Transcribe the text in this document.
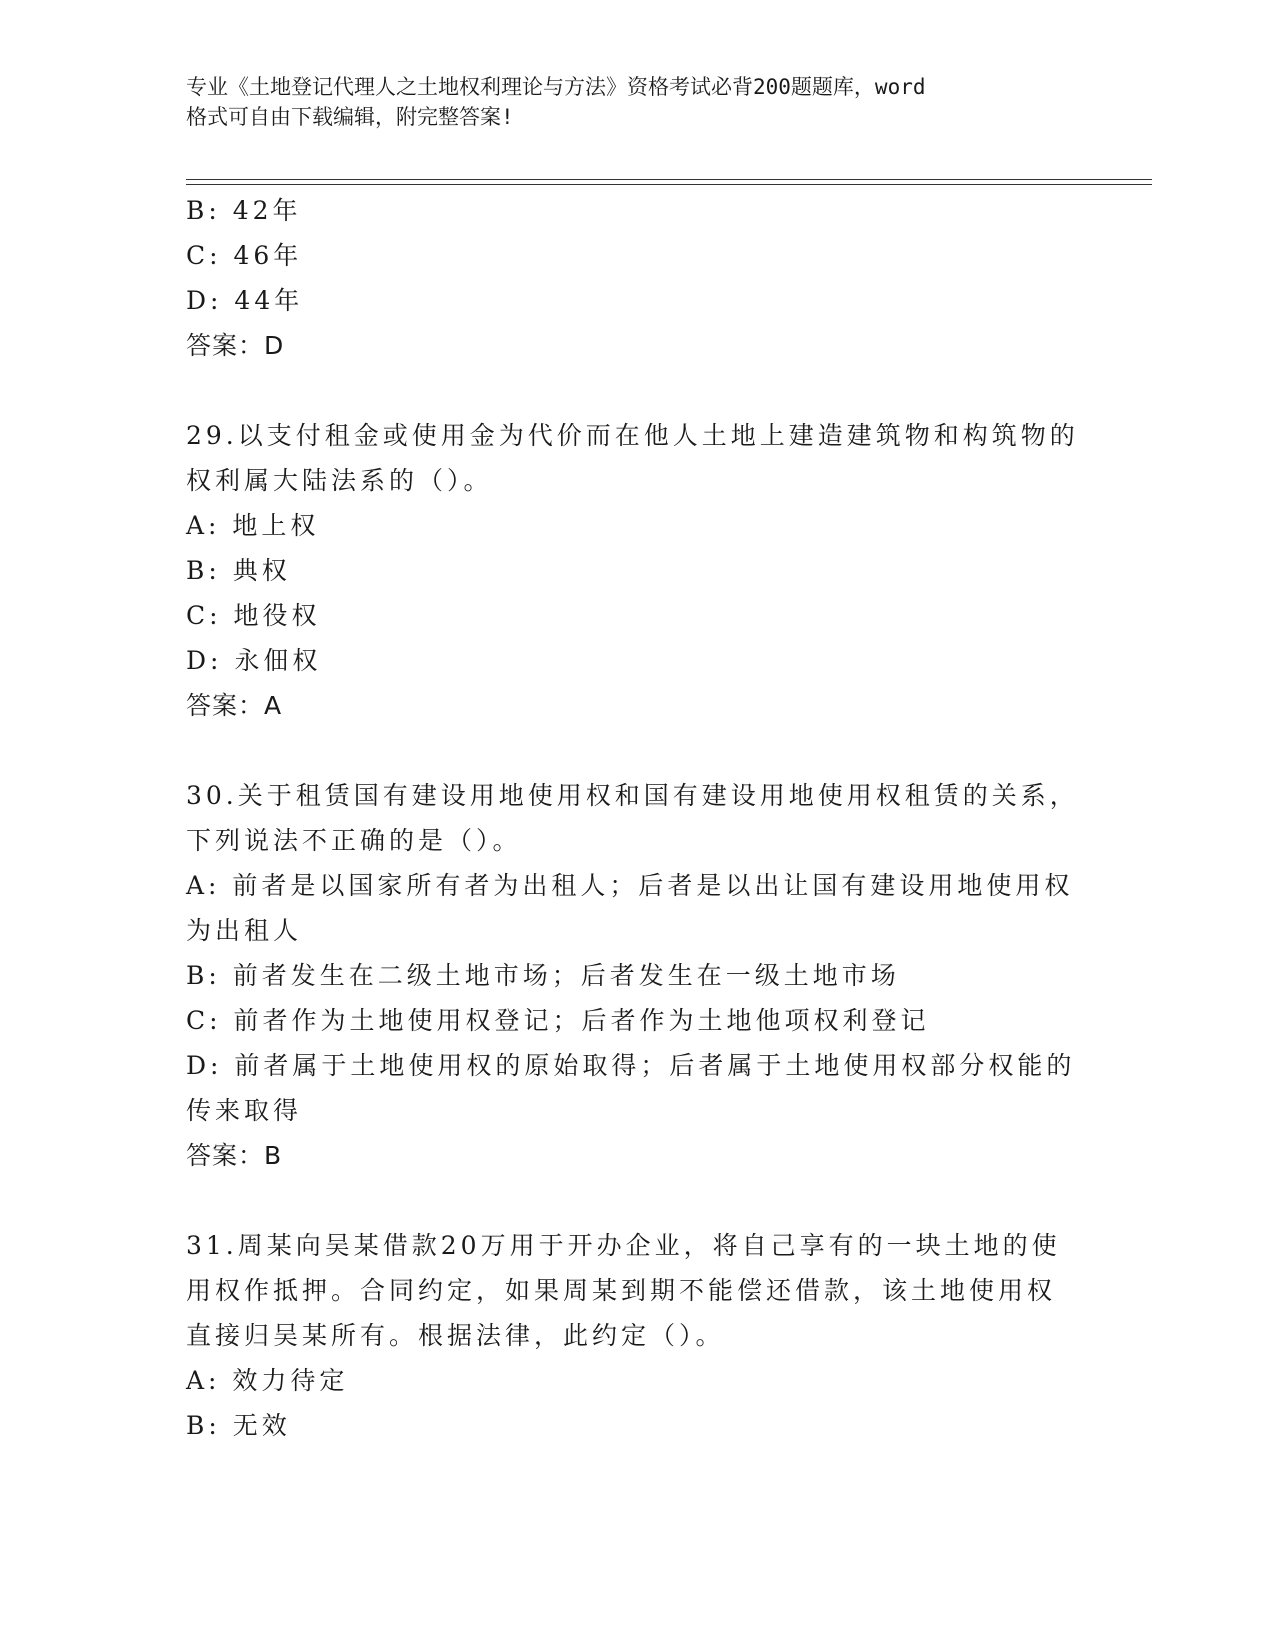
专业《土地登记代理人之土地权利理论与方法》资格考试必背200题题库，word
格式可自由下载编辑，附完整答案!
B: 42年
C: 46年
D: 44年
答案：D
29.以支付租金或使用金为代价而在他人土地上建造建筑物和构筑物的
权利属大陆法系的（）。
A: 地上权
B: 典权
C: 地役权
D: 永佃权
答案：A
30.关于租赁国有建设用地使用权和国有建设用地使用权租赁的关系，
下列说法不正确的是（）。
A: 前者是以国家所有者为出租人；后者是以出让国有建设用地使用权
为出租人
B: 前者发生在二级土地市场；后者发生在一级土地市场
C: 前者作为土地使用权登记；后者作为土地他项权利登记
D: 前者属于土地使用权的原始取得；后者属于土地使用权部分权能的
传来取得
答案：B
31.周某向吴某借款20万用于开办企业，将自己享有的一块土地的使
用权作抵押。合同约定，如果周某到期不能偿还借款，该土地使用权
直接归吴某所有。根据法律，此约定（）。
A: 效力待定
B: 无效
